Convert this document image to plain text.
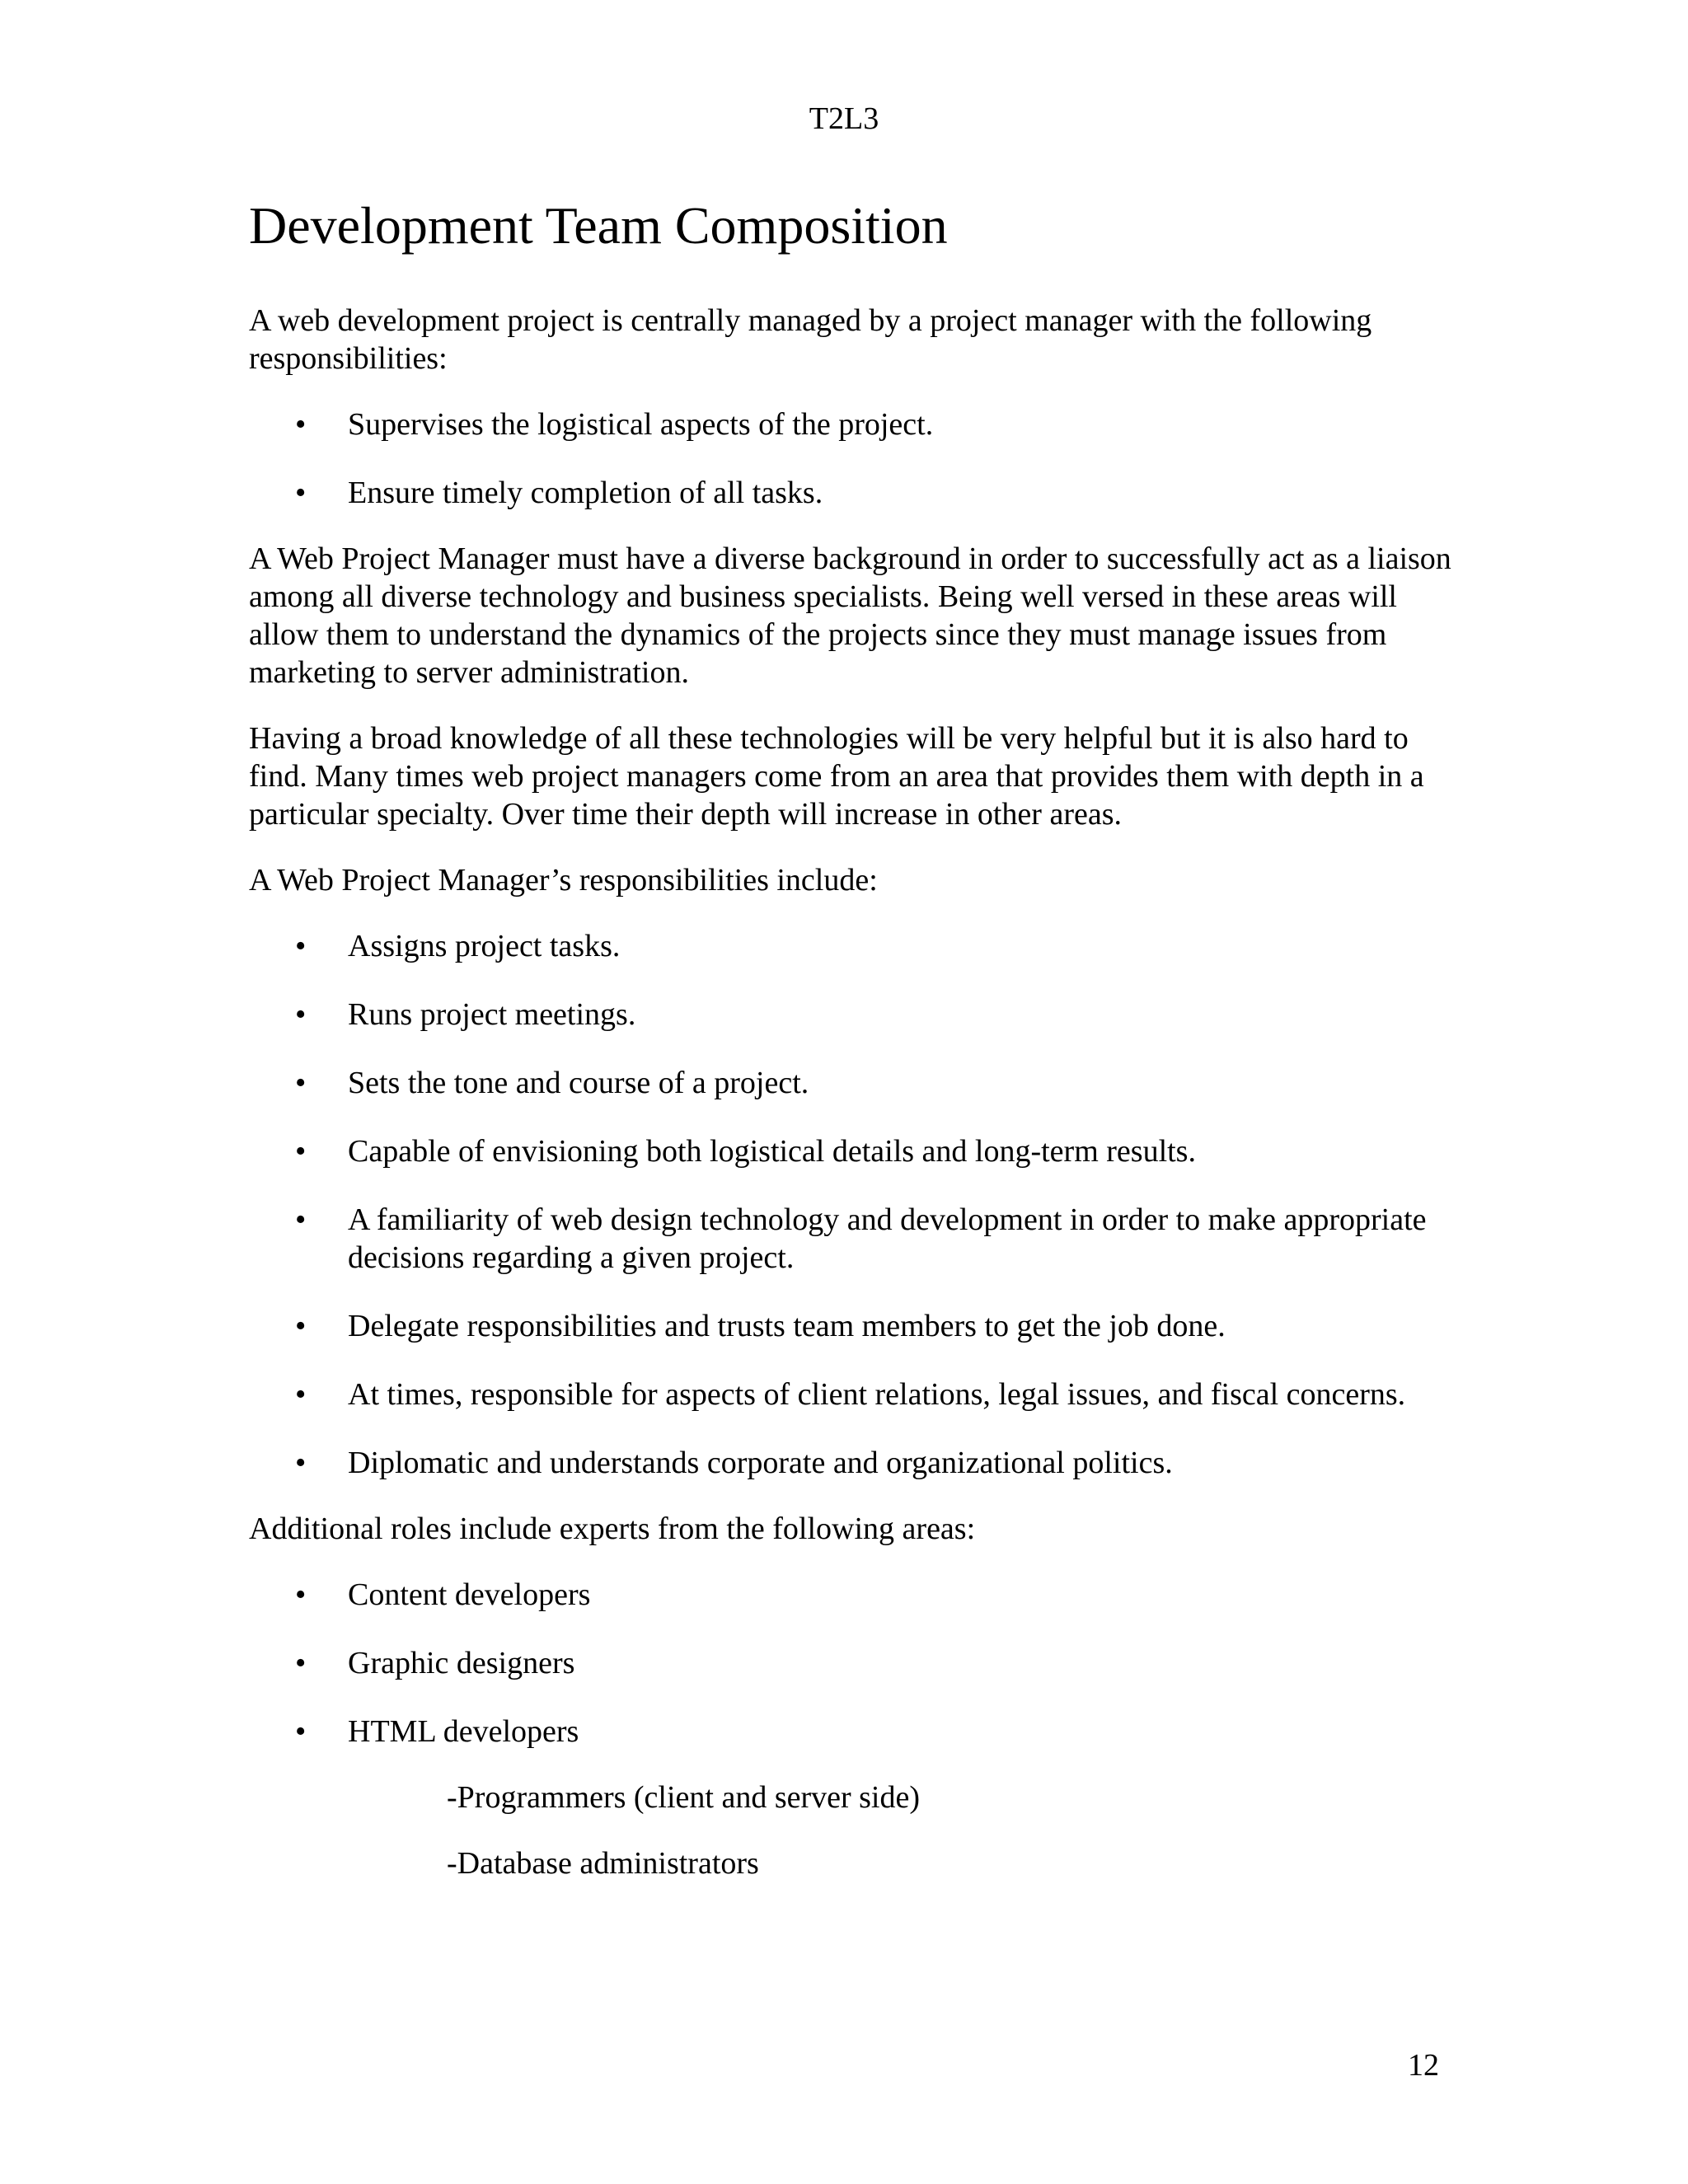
T2L3
Development Team Composition

A web development project is centrally managed by a project manager with the following responsibilities:

• Supervises the logistical aspects of the project.
• Ensure timely completion of all tasks.

A Web Project Manager must have a diverse background in order to successfully act as a liaison among all diverse technology and business specialists. Being well versed in these areas will allow them to understand the dynamics of the projects since they must manage issues from marketing to server administration.

Having a broad knowledge of all these technologies will be very helpful but it is also hard to find. Many times web project managers come from an area that provides them with depth in a particular specialty. Over time their depth will increase in other areas.

A Web Project Manager’s responsibilities include:

• Assigns project tasks.
• Runs project meetings.
• Sets the tone and course of a project.
• Capable of envisioning both logistical details and long-term results.
• A familiarity of web design technology and development in order to make appropriate decisions regarding a given project.
• Delegate responsibilities and trusts team members to get the job done.
• At times, responsible for aspects of client relations, legal issues, and fiscal concerns.
• Diplomatic and understands corporate and organizational politics.

Additional roles include experts from the following areas:

• Content developers
• Graphic designers
• HTML developers

-Programmers (client and server side)

-Database administrators

12
